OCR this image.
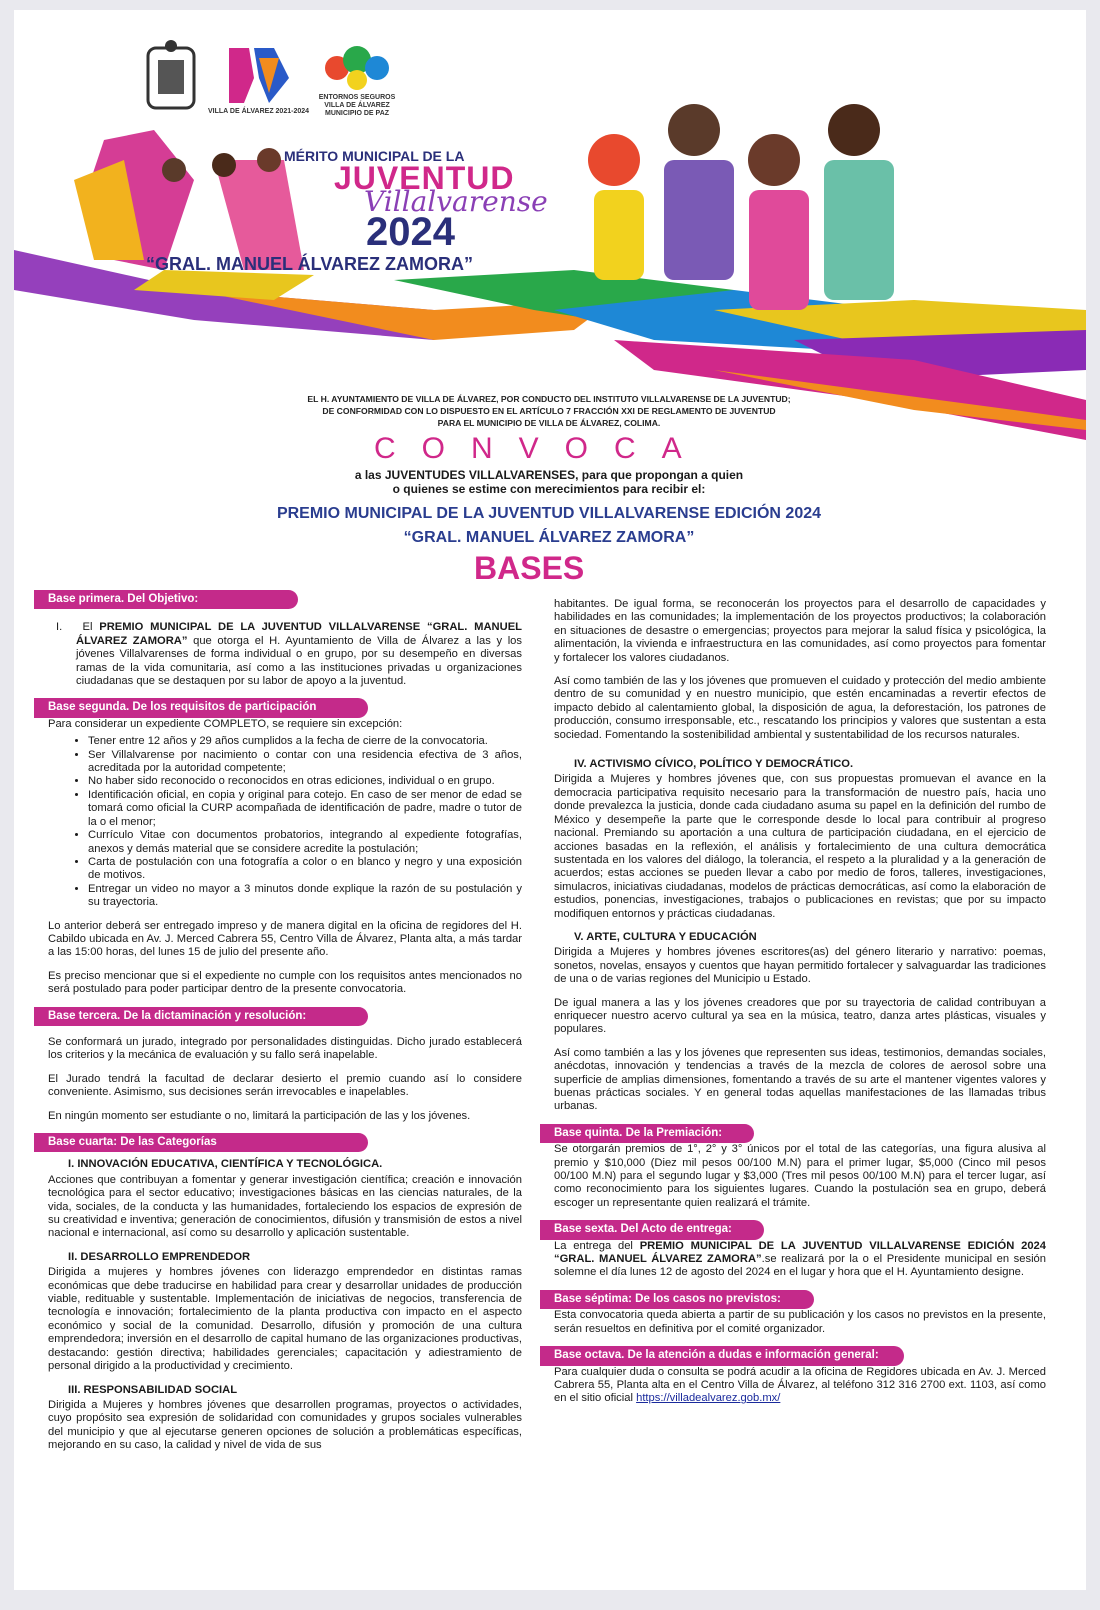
VILLA DE ÁLVAREZ 2021-2024
ENTORNOS SEGUROS
VILLA DE ÁLVAREZ
MUNICIPIO DE PAZ
MÉRITO MUNICIPAL DE LA
JUVENTUD
Villalvarense
2024
“GRAL. MANUEL ÁLVAREZ ZAMORA”
EL H. AYUNTAMIENTO DE VILLA DE ÁLVAREZ, POR CONDUCTO DEL INSTITUTO VILLALVARENSE DE LA JUVENTUD;
DE CONFORMIDAD CON LO DISPUESTO EN EL ARTÍCULO 7 FRACCIÓN XXI DE REGLAMENTO DE JUVENTUD
PARA EL MUNICIPIO DE VILLA DE ÁLVAREZ, COLIMA.
CONVOCA
a las JUVENTUDES VILLALVARENSES, para que propongan a quien
o quienes se estime con merecimientos para recibir el:
PREMIO MUNICIPAL DE LA JUVENTUD VILLALVARENSE EDICIÓN 2024
“GRAL. MANUEL ÁLVAREZ ZAMORA”
BASES
Base primera. Del Objetivo:

I. El PREMIO MUNICIPAL DE LA JUVENTUD VILLALVARENSE “GRAL. MANUEL ÁLVAREZ ZAMORA” que otorga el H. Ayuntamiento de Villa de Álvarez a las y los jóvenes Villalvarenses de forma individual o en grupo, por su desempeño en diversas ramas de la vida comunitaria, así como a las instituciones privadas u organizaciones ciudadanas que se destaquen por su labor de apoyo a la juventud.

Base segunda. De los requisitos de participación
Para considerar un expediente COMPLETO, se requiere sin excepción:
• Tener entre 12 años y 29 años cumplidos a la fecha de cierre de la convocatoria.
• Ser Villalvarense por nacimiento o contar con una residencia efectiva de 3 años, acreditada por la autoridad competente;
• No haber sido reconocido o reconocidos en otras ediciones, individual o en grupo.
• Identificación oficial, en copia y original para cotejo. En caso de ser menor de edad se tomará como oficial la CURP acompañada de identificación de padre, madre o tutor de la o el menor;
• Currículo Vitae con documentos probatorios, integrando al expediente fotografías, anexos y demás material que se considere acredite la postulación;
• Carta de postulación con una fotografía a color o en blanco y negro y una exposición de motivos.
• Entregar un video no mayor a 3 minutos donde explique la razón de su postulación y su trayectoria.

Lo anterior deberá ser entregado impreso y de manera digital en la oficina de regidores del H. Cabildo ubicada en Av. J. Merced Cabrera 55, Centro Villa de Álvarez, Planta alta, a más tardar a las 15:00 horas, del lunes 15 de julio del presente año.

Es preciso mencionar que si el expediente no cumple con los requisitos antes mencionados no será postulado para poder participar dentro de la presente convocatoria.

Base tercera. De la dictaminación y resolución:

Se conformará un jurado, integrado por personalidades distinguidas. Dicho jurado establecerá los criterios y la mecánica de evaluación y su fallo será inapelable.

El Jurado tendrá la facultad de declarar desierto el premio cuando así lo considere conveniente. Asimismo, sus decisiones serán irrevocables e inapelables.

En ningún momento ser estudiante o no, limitará la participación de las y los jóvenes.

Base cuarta: De las Categorías
I. INNOVACIÓN EDUCATIVA, CIENTÍFICA Y TECNOLÓGICA.

Acciones que contribuyan a fomentar y generar investigación científica; creación e innovación tecnológica para el sector educativo; investigaciones básicas en las ciencias naturales, de la vida, sociales, de la conducta y las humanidades, fortaleciendo los espacios de expresión de su creatividad e inventiva; generación de conocimientos, difusión y transmisión de estos a nivel nacional e internacional, así como su desarrollo y aplicación sustentable.

II. DESARROLLO EMPRENDEDOR

Dirigida a mujeres y hombres jóvenes con liderazgo emprendedor en distintas ramas económicas que debe traducirse en habilidad para crear y desarrollar unidades de producción viable, redituable y sustentable. Implementación de iniciativas de negocios, transferencia de tecnología e innovación; fortalecimiento de la planta productiva con impacto en el aspecto económico y social de la comunidad. Desarrollo, difusión y promoción de una cultura emprendedora; inversión en el desarrollo de capital humano de las organizaciones productivas, destacando: gestión directiva; habilidades gerenciales; capacitación y adiestramiento de personal dirigido a la productividad y crecimiento.

III. RESPONSABILIDAD SOCIAL

Dirigida a Mujeres y hombres jóvenes que desarrollen programas, proyectos o actividades, cuyo propósito sea expresión de solidaridad con comunidades y grupos sociales vulnerables del municipio y que al ejecutarse generen opciones de solución a problemáticas específicas, mejorando en su caso, la calidad y nivel de vida de sus

habitantes. De igual forma, se reconocerán los proyectos para el desarrollo de capacidades y habilidades en las comunidades; la implementación de los proyectos productivos; la colaboración en situaciones de desastre o emergencias; proyectos para mejorar la salud física y psicológica, la alimentación, la vivienda e infraestructura en las comunidades, así como proyectos para fomentar y fortalecer los valores ciudadanos.

Así como también de las y los jóvenes que promueven el cuidado y protección del medio ambiente dentro de su comunidad y en nuestro municipio, que estén encaminadas a revertir efectos de impacto debido al calentamiento global, la disposición de agua, la deforestación, los patrones de producción, consumo irresponsable, etc., rescatando los principios y valores que sustentan a esta sociedad. Fomentando la sostenibilidad ambiental y sustentabilidad de los recursos naturales.

IV. ACTIVISMO CÍVICO, POLÍTICO Y DEMOCRÁTICO.

Dirigida a Mujeres y hombres jóvenes que, con sus propuestas promuevan el avance en la democracia participativa requisito necesario para la transformación de nuestro país, hacia uno donde prevalezca la justicia, donde cada ciudadano asuma su papel en la definición del rumbo de México y desempeñe la parte que le corresponde desde lo local para contribuir al progreso nacional. Premiando su aportación a una cultura de participación ciudadana, en el ejercicio de acciones basadas en la reflexión, el análisis y fortalecimiento de una cultura democrática sustentada en los valores del diálogo, la tolerancia, el respeto a la pluralidad y a la generación de acuerdos; estas acciones se pueden llevar a cabo por medio de foros, talleres, investigaciones, simulacros, iniciativas ciudadanas, modelos de prácticas democráticas, así como la elaboración de estudios, ponencias, investigaciones, trabajos o publicaciones en revistas; que por su impacto modifiquen entornos y prácticas ciudadanas.

V. ARTE, CULTURA Y EDUCACIÓN

Dirigida a Mujeres y hombres jóvenes escritores(as) del género literario y narrativo: poemas, sonetos, novelas, ensayos y cuentos que hayan permitido fortalecer y salvaguardar las tradiciones de una o de varias regiones del Municipio u Estado.

De igual manera a las y los jóvenes creadores que por su trayectoria de calidad contribuyan a enriquecer nuestro acervo cultural ya sea en la música, teatro, danza artes plásticas, visuales y populares.

Así como también a las y los jóvenes que representen sus ideas, testimonios, demandas sociales, anécdotas, innovación y tendencias a través de la mezcla de colores de aerosol sobre una superficie de amplias dimensiones, fomentando a través de su arte el mantener vigentes valores y buenas prácticas sociales. Y en general todas aquellas manifestaciones de las llamadas tribus urbanas.

Base quinta. De la Premiación:

Se otorgarán premios de 1°, 2° y 3° únicos por el total de las categorías, una figura alusiva al premio y $10,000 (Diez mil pesos 00/100 M.N) para el primer lugar, $5,000 (Cinco mil pesos 00/100 M.N) para el segundo lugar y $3,000 (Tres mil pesos 00/100 M.N) para el tercer lugar, así como reconocimiento para los siguientes lugares. Cuando la postulación sea en grupo, deberá escoger un representante quien realizará el trámite.

Base sexta. Del Acto de entrega:

La entrega del PREMIO MUNICIPAL DE LA JUVENTUD VILLALVARENSE EDICIÓN 2024 “GRAL. MANUEL ÁLVAREZ ZAMORA”.se realizará por la o el Presidente municipal en sesión solemne el día lunes 12 de agosto del 2024 en el lugar y hora que el H. Ayuntamiento designe.

Base séptima: De los casos no previstos:

Esta convocatoria queda abierta a partir de su publicación y los casos no previstos en la presente, serán resueltos en definitiva por el comité organizador.

Base octava. De la atención a dudas e información general:

Para cualquier duda o consulta se podrá acudir a la oficina de Regidores ubicada en Av. J. Merced Cabrera 55, Planta alta en el Centro Villa de Álvarez, al teléfono 312 316 2700 ext. 1103, así como en el sitio oficial https://villadealvarez.gob.mx/
